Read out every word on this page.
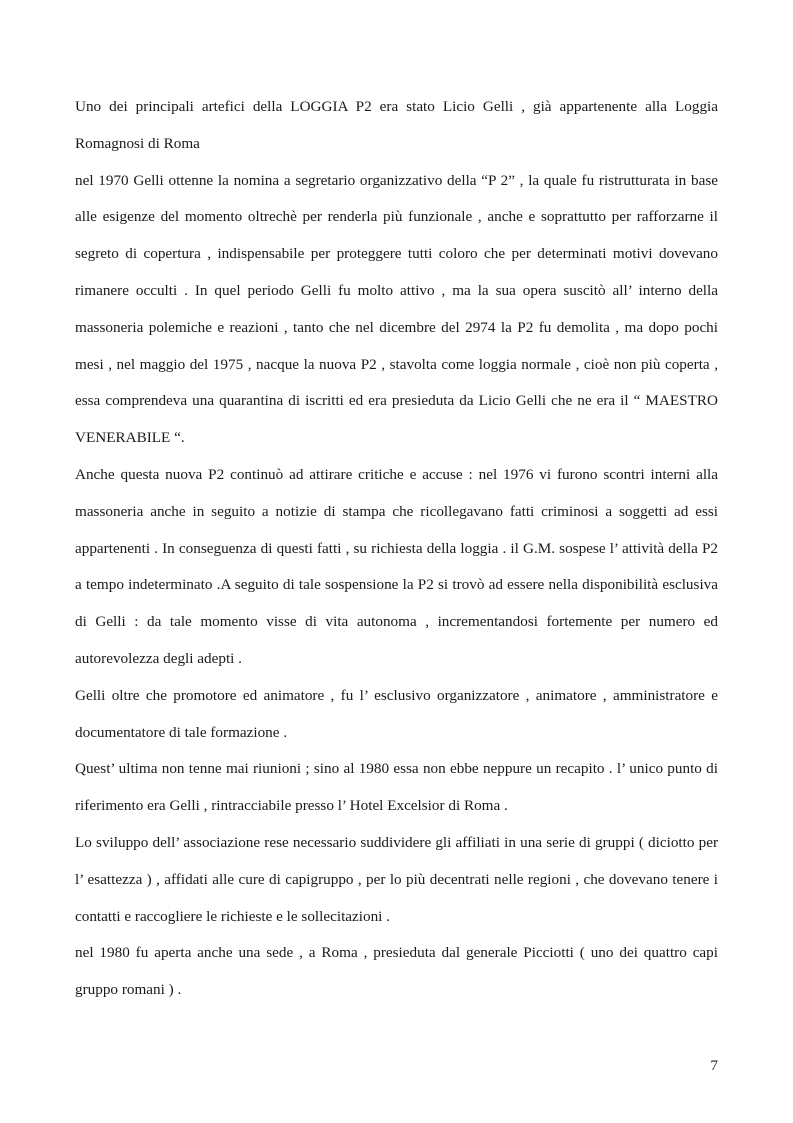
Uno dei principali artefici della LOGGIA P2 era stato Licio Gelli , già appartenente alla Loggia Romagnosi di Roma

nel 1970 Gelli ottenne la nomina a segretario organizzativo della “P 2” , la quale fu ristrutturata in base alle esigenze del momento oltrechè per renderla più funzionale , anche e soprattutto per rafforzarne il segreto di copertura , indispensabile per proteggere tutti coloro che per determinati motivi dovevano rimanere occulti . In quel periodo Gelli fu molto attivo , ma la sua opera suscitò all’ interno della massoneria polemiche e reazioni , tanto che nel dicembre del 2974 la P2 fu demolita , ma dopo pochi mesi , nel maggio del 1975 , nacque la nuova P2 , stavolta come loggia normale , cioè non più coperta , essa comprendeva una quarantina di iscritti ed era presieduta da Licio Gelli che ne era il “ MAESTRO VENERABILE “.

Anche questa nuova P2 continuò ad attirare critiche e accuse : nel 1976 vi furono scontri interni alla massoneria anche in seguito a notizie di stampa che ricollegavano fatti criminosi a soggetti ad essi appartenenti . In conseguenza di questi fatti , su richiesta della loggia . il G.M. sospese l’ attività della P2 a tempo indeterminato .A seguito di tale sospensione la P2 si trovò ad essere nella disponibilità esclusiva di Gelli : da tale momento visse di vita autonoma , incrementandosi fortemente per numero ed autorevolezza degli adepti .

Gelli oltre che promotore ed animatore , fu l’ esclusivo organizzatore , animatore , amministratore e documentatore di tale formazione .

Quest’ ultima non tenne mai riunioni ; sino al 1980 essa non ebbe neppure un recapito . l’ unico punto di riferimento era Gelli , rintracciabile presso l’ Hotel Excelsior di Roma .

Lo sviluppo dell’ associazione rese necessario suddividere gli affiliati in una serie di gruppi ( diciotto per l’ esattezza ) , affidati alle cure di capigruppo , per lo più decentrati nelle regioni , che dovevano tenere i contatti e raccogliere le richieste e le sollecitazioni .

nel 1980 fu aperta anche una sede , a Roma , presieduta dal generale Picciotti ( uno dei quattro capi gruppo romani ) .

7
